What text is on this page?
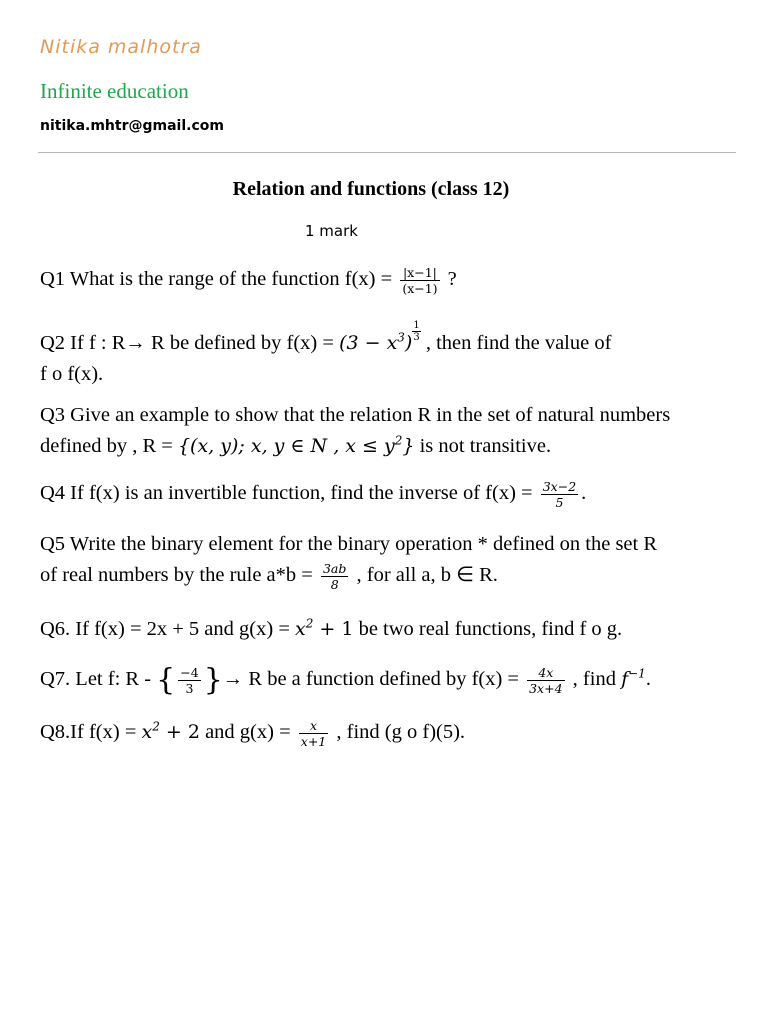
Nitika malhotra
Infinite education
nitika.mhtr@gmail.com
Relation and functions (class 12)
1 mark
Q1 What is the range of the function $f(x) = \frac{|x-1|}{(x-1)}$ ?
Q2 If f : R→ R be defined by $f(x) = (3 - x^3) \frac{1}{3}$ , then find the value of
f o f(x).
Q3 Give an example to show that the relation R in the set of natural numbers
defined by , R = {(x, y); x, y ∈ N , $x \le y^2$} is not transitive.
Q4 If f(x) is an invertible function, find the inverse of $f(x) = \frac{3x-2}{5}$ .
Q5 Write the binary element for the binary operation * defined on the set R
of real numbers by the rule $a*b = \frac{3ab}{8}$ , for all a, b ∈ R.
Q6. If f(x) = 2x + 5 and $g(x) = x^2 + 1$ be two real functions, find f o g.
Q7. Let f: R - { $\frac{-4}{3}$ }→ R be a function defined by $f(x) = \frac{4x}{3x+4}$ , find $f^{-1}$.
Q8.If $f(x) = x^2 + 2$ and $g(x) = \frac{x}{x+1}$ , find (g o f)(5).
